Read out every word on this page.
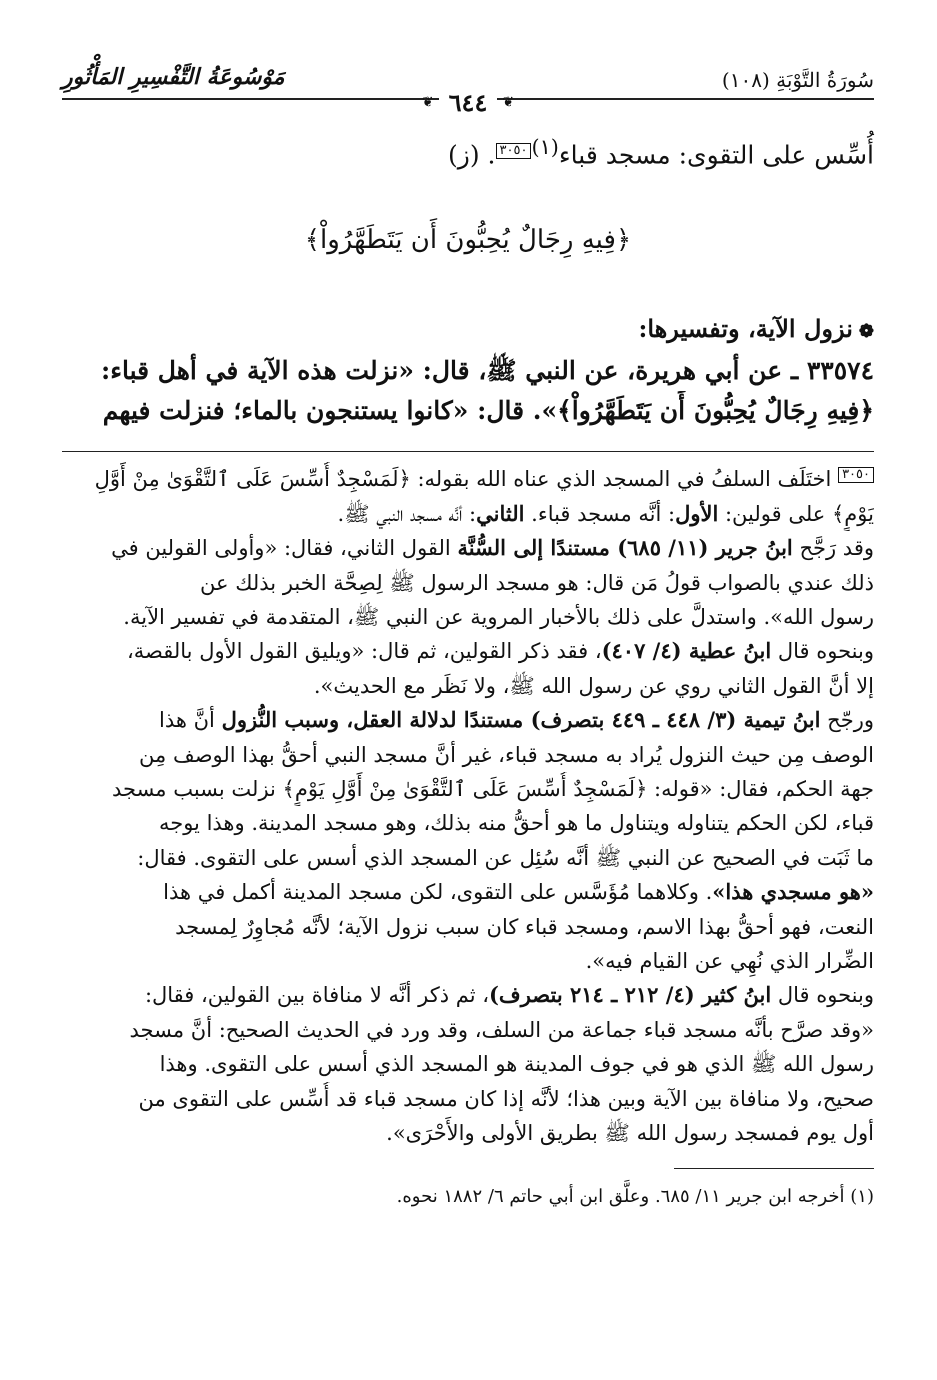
سُورَةُ التَّوْبَةِ (١٠٨)
مَوْسُوعَةُ التَّفْسِيرِ المَأْثُورِ
❦ ٦٤٤ ❦
أُسِّس على التقوى: مسجد قباء$^{(١)}$٣٠٥٠. (ز)
﴿فِيهِ رِجَالٌ يُحِبُّونَ أَن يَتَطَهَّرُواْ﴾
❁نزول الآية، وتفسيرها:
٣٣٥٧٤ ـ عن أبي هريرة، عن النبي ﷺ، قال: «نزلت هذه الآية في أهل قباء:
﴿فِيهِ رِجَالٌ يُحِبُّونَ أَن يَتَطَهَّرُواْ﴾». قال: «كانوا يستنجون بالماء؛ فنزلت فيهم
٣٠٥٠ اختَلَف السلفُ في المسجد الذي عناه الله بقوله: ﴿لَمَسْجِدٌ أُسِّسَ عَلَى ٱلتَّقْوَىٰ مِنْ أَوَّلِ
يَوْمٍ﴾ على قولين: الأول: أنَّه مسجد قباء. الثاني: أنَّه مسجد النبي ﷺ.
وقد رَجَّح ابنُ جرير (١١/ ٦٨٥) مستندًا إلى السُّنَّة القول الثاني، فقال: «وأولى القولين في
ذلك عندي بالصواب قولُ مَن قال: هو مسجد الرسول ﷺ لِصِحَّة الخبر بذلك عن
رسول الله». واستدلَّ على ذلك بالأخبار المروية عن النبي ﷺ، المتقدمة في تفسير الآية.
وبنحوه قال ابنُ عطية (٤/ ٤٠٧)، فقد ذكر القولين، ثم قال: «ويليق القول الأول بالقصة،
إلا أنَّ القول الثاني روي عن رسول الله ﷺ، ولا نَظَر مع الحديث».
ورجّح ابنُ تيمية (٣/ ٤٤٨ ـ ٤٤٩ بتصرف) مستندًا لدلالة العقل، وسبب النُّزول أنَّ هذا
الوصف مِن حيث النزول يُراد به مسجد قباء، غير أنَّ مسجد النبي أحقُّ بهذا الوصف مِن
جهة الحكم، فقال: «قوله: ﴿لَمَسْجِدٌ أُسِّسَ عَلَى ٱلتَّقْوَىٰ مِنْ أَوَّلِ يَوْمٍ﴾ نزلت بسبب مسجد
قباء، لكن الحكم يتناوله ويتناول ما هو أحقُّ منه بذلك، وهو مسجد المدينة. وهذا يوجه
ما ثَبَت في الصحيح عن النبي ﷺ أنَّه سُئِل عن المسجد الذي أسس على التقوى. فقال:
«هو مسجدي هذا». وكلاهما مُؤَسَّس على التقوى، لكن مسجد المدينة أكمل في هذا
النعت، فهو أحقُّ بهذا الاسم، ومسجد قباء كان سبب نزول الآية؛ لأنَّه مُجاوِرٌ لِمسجد
الضِّرار الذي نُهِي عن القيام فيه».
وبنحوه قال ابنُ كثير (٤/ ٢١٢ ـ ٢١٤ بتصرف)، ثم ذكر أنَّه لا منافاة بين القولين، فقال:
«وقد صرَّح بأنَّه مسجد قباء جماعة من السلف، وقد ورد في الحديث الصحيح: أنَّ مسجد
رسول الله ﷺ الذي هو في جوف المدينة هو المسجد الذي أسس على التقوى. وهذا
صحيح، ولا منافاة بين الآية وبين هذا؛ لأنَّه إذا كان مسجد قباء قد أُسِّس على التقوى من
أول يوم فمسجد رسول الله ﷺ بطريق الأولى والأَحْرَى».
(١) أخرجه ابن جرير ١١/ ٦٨٥. وعلَّق ابن أبي حاتم ٦/ ١٨٨٢ نحوه.
